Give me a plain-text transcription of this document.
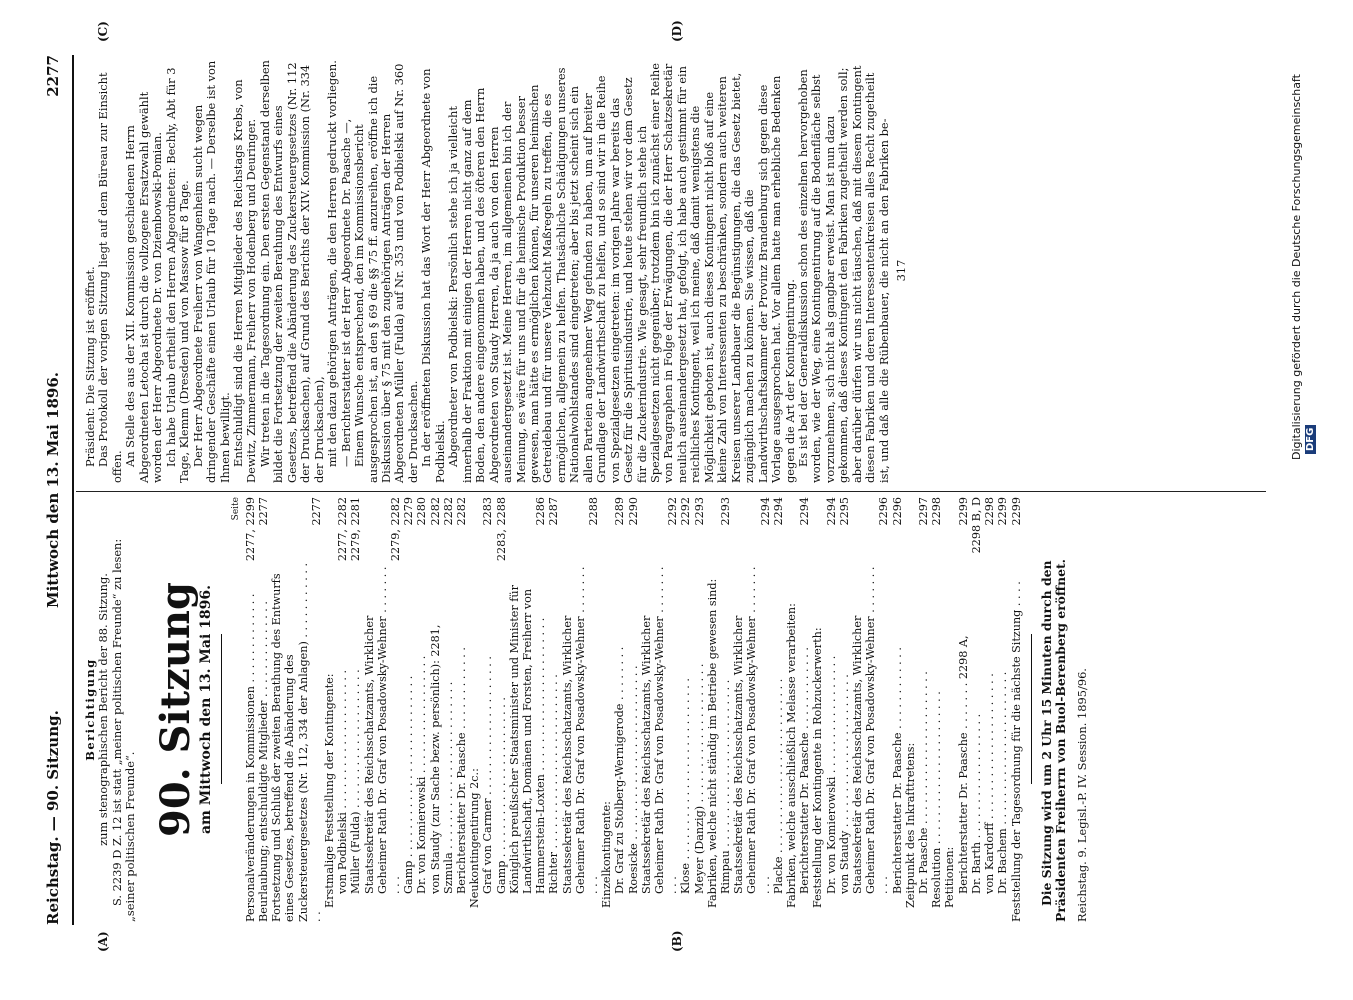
Reichstag. — 90. Sitzung.
Mittwoch den 13. Mai 1896.
2277
(A)	(B)
(C)	(D)

Berichtigung zum stenographischen Bericht der 88. Sitzung. S. 2239 D Z. 12 ist statt „meiner politischen Freunde“ zu lesen: „seiner politischen Freunde“. 90. Sitzung am Mittwoch den 13. Mai 1896.
Seite
Personalveränderungen in Kommissionen . . . . . . . . . . . . .	2277, 2299
Beurlaubung; entschuldigte Mitglieder . . . . . . . . . . . . . .	2277
Fortsetzung und Schluß der zweiten Berathung des Entwurfs eines Gesetzes, betreffend die Abänderung des Zuckersteuergesetzes (Nr. 112, 334 der Anlagen) . . . . . . . . . . . . .	2277
Erstmalige Feststellung der Kontingente:	
von Podbielski . . . . . . . . . . . . . . . . . . . .	2277, 2282
Müller (Fulda) . . . . . . . . . . . . . . . . . . . .	2279, 2281
Staatssekretär des Reichsschatzamts, Wirklicher Geheimer Rath Dr. Graf von Posadowsky-Wehner . . . . . . . . . .	2279, 2282
Gamp . . . . . . . . . . . . . . . . . . . . . . . . . .	2279
Dr. von Komierowski . . . . . . . . . . . . . . . . .	2280
von Staudy (zur Sache bezw. persönlich): 2281,	2282
Szmula . . . . . . . . . . . . . . . . . . . . . . . .	2282
Berichterstatter Dr. Paasche . . . . . . . . . . . .	2282
Neukontingentirung 2c.:	
Graf von Carmer . . . . . . . . . . . . . . . . . . . .	2283
Gamp . . . . . . . . . . . . . . . . . . . . . . .	2283, 2288
Königlich preußischer Staatsminister und Minister für Landwirthschaft, Domänen und Forsten, Freiherr von Hammerstein-Loxten . . . . . . . . . . . . . . . . . . . . . .	2286
Richter . . . . . . . . . . . . . . . . . . . . . . . . .	2287
Staatssekretär des Reichsschatzamts, Wirklicher Geheimer Rath Dr. Graf von Posadowsky-Wehner . . . . . . . . . .	2288
Einzelkontingente:	
Dr. Graf zu Stolberg-Wernigerode . . . . . . . .	2289
Roesicke . . . . . . . . . . . . . . . . . . . . . . . . .	2290
Staatssekretär des Reichsschatzamts, Wirklicher Geheimer Rath Dr. Graf von Posadowsky-Wehner . . . . . . . . . .	2292
Klose . . . . . . . . . . . . . . . . . . . . . . . . . .	2292
Meyer (Danzig) . . . . . . . . . . . . . . . . . . . .	2293
Fabriken, welche nicht ständig im Betriebe gewesen sind:	
Rimpau . . . . . . . . . . . . . . . . . . . . . . . .	2293
Staatssekretär des Reichsschatzamts, Wirklicher Geheimer Rath Dr. Graf von Posadowsky-Wehner . . . . . . . . . .	2294
Placke . . . . . . . . . . . . . . . . . . . . . . . . .	2294
Fabriken, welche ausschließlich Melasse verarbeiten:	
Berichterstatter Dr. Paasche . . . . . . . . . . . .	2294
Feststellung der Kontingente in Rohzuckerwerth:	
Dr. von Komierowski . . . . . . . . . . . . . . . . .	2294
von Staudy . . . . . . . . . . . . . . . . . . . . . .	2295
Staatssekretär des Reichsschatzamts, Wirklicher Geheimer Rath Dr. Graf von Posadowsky-Wehner . . . . . . . . . .	2296
Berichterstatter Dr. Paasche . . . . . . . . . . . .	2296
Zeitpunkt des Inkrafttretens:	
Dr. Paasche . . . . . . . . . . . . . . . . . . . . . .	2297
Resolution . . . . . . . . . . . . . . . . . . . . . .	2298
Petitionen:	
Berichterstatter Dr. Paasche . . . . . . . 2298 A,	2299
Dr. Barth . . . . . . . . . . . . . . . . . .	2298 B, D
von Kardorff . . . . . . . . . . . . . . . . . . . . .	2298
Dr. Bachem . . . . . . . . . . . . . . . . . . . . . .	2299
Feststellung der Tagesordnung für die nächste Sitzung . . . .	2299

Die Sitzung wird um 2 Uhr 15 Minuten durch den Präsidenten Freiherrn von Buol-Berenberg eröffnet. Reichstag. 9. Legisl.-P. IV. Session. 1895/96.

Präsident: Die Sitzung ist eröffnet. Das Protokoll der vorigen Sitzung liegt auf dem Büreau zur Einsicht offen. An Stelle des aus der XII. Kommission geschiedenen Herrn Abgeordneten Letocha ist durch die vollzogene Ersatzwahl gewählt worden der Herr Abgeordnete Dr. von Dziembowski-Pomian. Ich habe Urlaub ertheilt den Herren Abgeordneten: Bechly, Abt für 3 Tage, Klemm (Dresden) und von Massow für 8 Tage. Der Herr Abgeordnete Freiherr von Wangenheim sucht wegen dringender Geschäfte einen Urlaub für 10 Tage nach. — Derselbe ist von Ihnen bewilligt. Entschuldigt sind die Herren Mitglieder des Reichstags Krebs, von Dewitz, Zimmermann, Freiherr von Hodenberg und Deuringer. Wir treten in die Tagesordnung ein. Den ersten Gegenstand derselben bildet die Fortsetzung der zweiten Berathung des Entwurfs eines Gesetzes, betreffend die Abänderung des Zuckersteuergesetzes (Nr. 112 der Drucksachen), auf Grund des Berichts der XIV. Kommission (Nr. 334 der Drucksachen), mit den dazu gehörigen Anträgen, die den Herren gedruckt vorliegen. — Berichterstatter ist der Herr Abgeordnete Dr. Paasche —, Einem Wunsche entsprechend, den im Kommissionsbericht ausgesprochen ist, an den § 69 die §§ 75 ff. anzureihen, eröffne ich die Diskussion über § 75 mit den zugehörigen Anträgen der Herren Abgeordneten Müller (Fulda) auf Nr. 353 und von Podbielski auf Nr. 360 der Drucksachen. In der eröffneten Diskussion hat das Wort der Herr Abgeordnete von Podbielski. Abgeordneter von Podbielski: Persönlich stehe ich ja vielleicht innerhalb der Fraktion mit einigen der Herren nicht ganz auf dem Boden, den andere eingenommen haben, und des öfteren den Herrn Abgeordneten von Staudy Herren, da ja auch von den Herren auseinandergesetzt ist. Meine Herren, im allgemeinen bin ich der Meinung, es wäre für uns und für die heimische Produktion besser gewesen, man hätte es ermöglichen können, für unseren heimischen Getreidebau und für unsere Viehzucht Maßregeln zu treffen, die es ermöglichen, allgemein zu helfen. Thatsächliche Schädigungen unseres Nationalwohlstandes sind eingetreten; aber bis jetzt scheint sich ein allen Parteien angenehmer Weg gefunden zu haben, um auf breiter Grundlage der Landwirthschaft zu helfen, und so sind wir in die Reihe von Spezialgesetzen eingetreten: im vorigen Jahre war bereits das Gesetz für die Spiritusindustrie, und heute stehen wir vor dem Gesetz für die Zuckerindustrie. Wie gesagt, sehr freundlich stehe ich Spezialgesetzen nicht gegenüber; trotzdem bin ich zunächst einer Reihe von Paragraphen in Folge der Erwägungen, die der Herr Schatzsekretär neulich auseinandergesetzt hat, gefolgt, ich habe auch gestimmt für ein reichliches Kontingent, weil ich meine, daß damit wenigstens die Möglichkeit geboten ist, auch dieses Kontingent nicht bloß auf eine kleine Zahl von Interessenten zu beschränken, sondern auch weiteren Kreisen unserer Landbauer die Begünstigungen, die das Gesetz bietet, zugänglich machen zu können. Sie wissen, daß die Landwirthschaftskammer der Provinz Brandenburg sich gegen diese Vorlage ausgesprochen hat. Vor allem hatte man erhebliche Bedenken gegen die Art der Kontingentirung. Es ist bei der Generaldiskussion schon des einzelnen hervorgehoben worden, wie der Weg, eine Kontingentirung auf die Bodenfläche selbst vorzunehmen, sich nicht als gangbar erweist. Man ist nun dazu gekommen, daß dieses Kontingent den Fabriken zugetheilt werden soll; aber darüber dürfen wir uns nicht täuschen, daß mit diesem Kontingent diesen Fabriken und deren Interessentenkreisen alles Recht zugetheilt ist, und daß alle die Rübenbauer, die nicht an den Fabriken be- 317	Digitalisierung gefördert durch die Deutsche Forschungsgemeinschaft DFG
